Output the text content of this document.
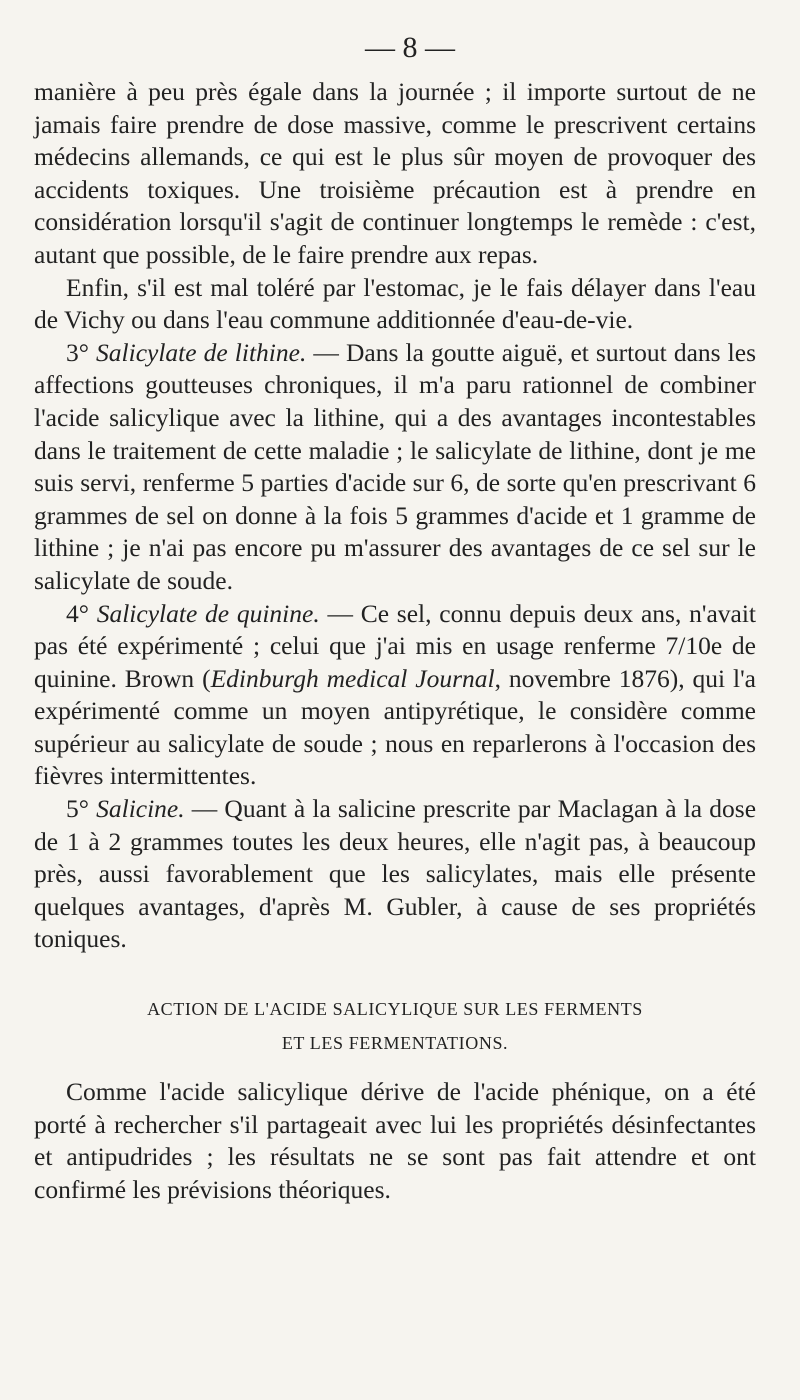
— 8 —

manière à peu près égale dans la journée ; il importe surtout de ne jamais faire prendre de dose massive, comme le prescrivent certains médecins allemands, ce qui est le plus sûr moyen de provoquer des accidents toxiques. Une troisième précaution est à prendre en considération lorsqu'il s'agit de continuer longtemps le remède : c'est, autant que possible, de le faire prendre aux repas.

Enfin, s'il est mal toléré par l'estomac, je le fais délayer dans l'eau de Vichy ou dans l'eau commune additionnée d'eau-de-vie.

3° Salicylate de lithine. — Dans la goutte aiguë, et surtout dans les affections goutteuses chroniques, il m'a paru rationnel de combiner l'acide salicylique avec la lithine, qui a des avantages incontestables dans le traitement de cette maladie ; le salicylate de lithine, dont je me suis servi, renferme 5 parties d'acide sur 6, de sorte qu'en prescrivant 6 grammes de sel on donne à la fois 5 grammes d'acide et 1 gramme de lithine ; je n'ai pas encore pu m'assurer des avantages de ce sel sur le salicylate de soude.

4° Salicylate de quinine. — Ce sel, connu depuis deux ans, n'avait pas été expérimenté ; celui que j'ai mis en usage renferme 7/10e de quinine. Brown (Edinburgh medical Journal, novembre 1876), qui l'a expérimenté comme un moyen antipyrétique, le considère comme supérieur au salicylate de soude ; nous en reparlerons à l'occasion des fièvres intermittentes.

5° Salicine. — Quant à la salicine prescrite par Maclagan à la dose de 1 à 2 grammes toutes les deux heures, elle n'agit pas, à beaucoup près, aussi favorablement que les salicylates, mais elle présente quelques avantages, d'après M. Gubler, à cause de ses propriétés toniques.

ACTION DE L'ACIDE SALICYLIQUE SUR LES FERMENTS
ET LES FERMENTATIONS.

Comme l'acide salicylique dérive de l'acide phénique, on a été porté à rechercher s'il partageait avec lui les propriétés désinfectantes et antipudrides ; les résultats ne se sont pas fait attendre et ont confirmé les prévisions théoriques.
